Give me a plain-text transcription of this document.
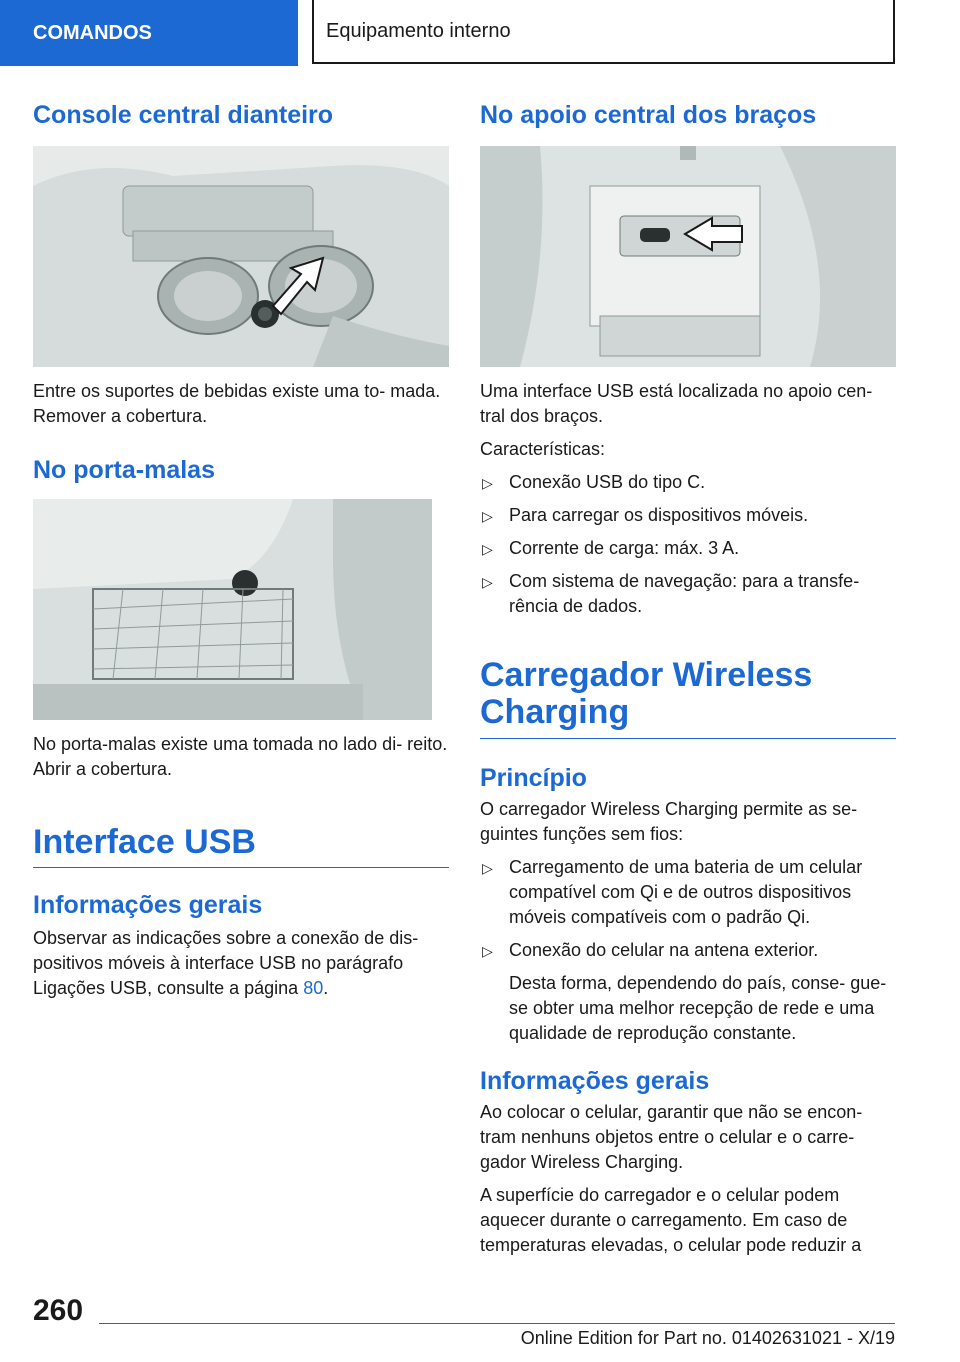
COMANDOS	Equipamento interno
Console central dianteiro

Entre os suportes de bebidas existe uma to- mada. Remover a cobertura.

No porta-malas

No porta-malas existe uma tomada no lado di- reito. Abrir a cobertura.

Interface USB
Informações gerais

Observar as indicações sobre a conexão de dis- positivos móveis à interface USB no parágrafo Ligações USB, consulte a página 80.

No apoio central dos braços

Uma interface USB está localizada no apoio cen- tral dos braços.

Características:

▷ Conexão USB do tipo C.
▷ Para carregar os dispositivos móveis.
▷ Corrente de carga: máx. 3 A.
▷ Com sistema de navegação: para a transfe- rência de dados.
Carregador Wireless Charging
Princípio

O carregador Wireless Charging permite as se- guintes funções sem fios:

▷ Carregamento de uma bateria de um celular compatível com Qi e de outros dispositivos móveis compatíveis com o padrão Qi.
▷ Conexão do celular na antena exterior.

Desta forma, dependendo do país, conse- gue-se obter uma melhor recepção de rede e uma qualidade de reprodução constante.

Informações gerais

Ao colocar o celular, garantir que não se encon- tram nenhuns objetos entre o celular e o carre- gador Wireless Charging.

A superfície do carregador e o celular podem aquecer durante o carregamento. Em caso de temperaturas elevadas, o celular pode reduzir a

260
Online Edition for Part no. 01402631021 - X/19
